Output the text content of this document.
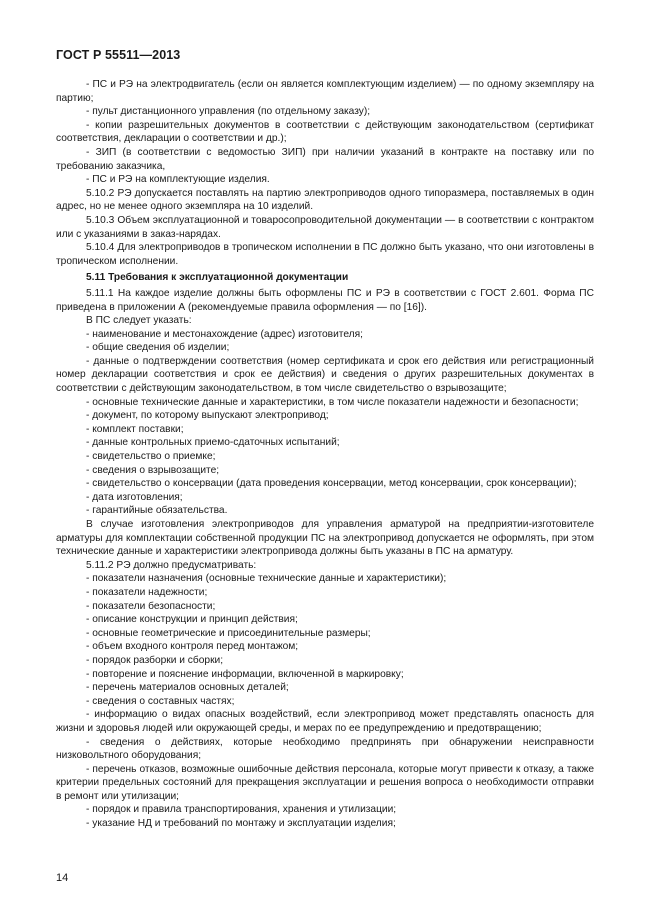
ГОСТ Р 55511—2013

- ПС и РЭ на электродвигатель (если он является комплектующим изделием) — по одному экземпляру на партию;

- пульт дистанционного управления (по отдельному заказу);

- копии разрешительных документов в соответствии с действующим законодательством (сертификат соответствия, декларации о соответствии и др.);

- ЗИП (в соответствии с ведомостью ЗИП) при наличии указаний в контракте на поставку или по требованию заказчика,

- ПС и РЭ на комплектующие изделия.

5.10.2 РЭ допускается поставлять на партию электроприводов одного типоразмера, поставляемых в один адрес, но не менее одного экземпляра на 10 изделий.

5.10.3 Объем эксплуатационной и товаросопроводительной документации — в соответствии с контрактом или с указаниями в заказ-нарядах.

5.10.4 Для электроприводов в тропическом исполнении в ПС должно быть указано, что они изготовлены в тропическом исполнении.

5.11 Требования к эксплуатационной документации

5.11.1 На каждое изделие должны быть оформлены ПС и РЭ в соответствии с ГОСТ 2.601. Форма ПС приведена в приложении А (рекомендуемые правила оформления — по [16]).

В ПС следует указать:

- наименование и местонахождение (адрес) изготовителя;

- общие сведения об изделии;

- данные о подтверждении соответствия (номер сертификата и срок его действия или регистрационный номер декларации соответствия и срок ее действия) и сведения о других разрешительных документах в соответствии с действующим законодательством, в том числе свидетельство о взрывозащите;

- основные технические данные и характеристики, в том числе показатели надежности и безопасности;

- документ, по которому выпускают электропривод;

- комплект поставки;

- данные контрольных приемо-сдаточных испытаний;

- свидетельство о приемке;

- сведения о взрывозащите;

- свидетельство о консервации (дата проведения консервации, метод консервации, срок консервации);

- дата изготовления;

- гарантийные обязательства.

В случае изготовления электроприводов для управления арматурой на предприятии-изготовителе арматуры для комплектации собственной продукции ПС на электропривод допускается не оформлять, при этом технические данные и характеристики электропривода должны быть указаны в ПС на арматуру.

5.11.2 РЭ должно предусматривать:

- показатели назначения (основные технические данные и характеристики);

- показатели надежности;

- показатели безопасности;

- описание конструкции и принцип действия;

- основные геометрические и присоединительные размеры;

- объем входного контроля перед монтажом;

- порядок разборки и сборки;

- повторение и пояснение информации, включенной в маркировку;

- перечень материалов основных деталей;

- сведения о составных частях;

- информацию о видах опасных воздействий, если электропривод может представлять опасность для жизни и здоровья людей или окружающей среды, и мерах по ее предупреждению и предотвращению;

- сведения о действиях, которые необходимо предпринять при обнаружении неисправности низковольтного оборудования;

- перечень отказов, возможные ошибочные действия персонала, которые могут привести к отказу, а также критерии предельных состояний для прекращения эксплуатации и решения вопроса о необходимости отправки в ремонт или утилизации;

- порядок и правила транспортирования, хранения и утилизации;

- указание НД и требований по монтажу и эксплуатации изделия;

14
